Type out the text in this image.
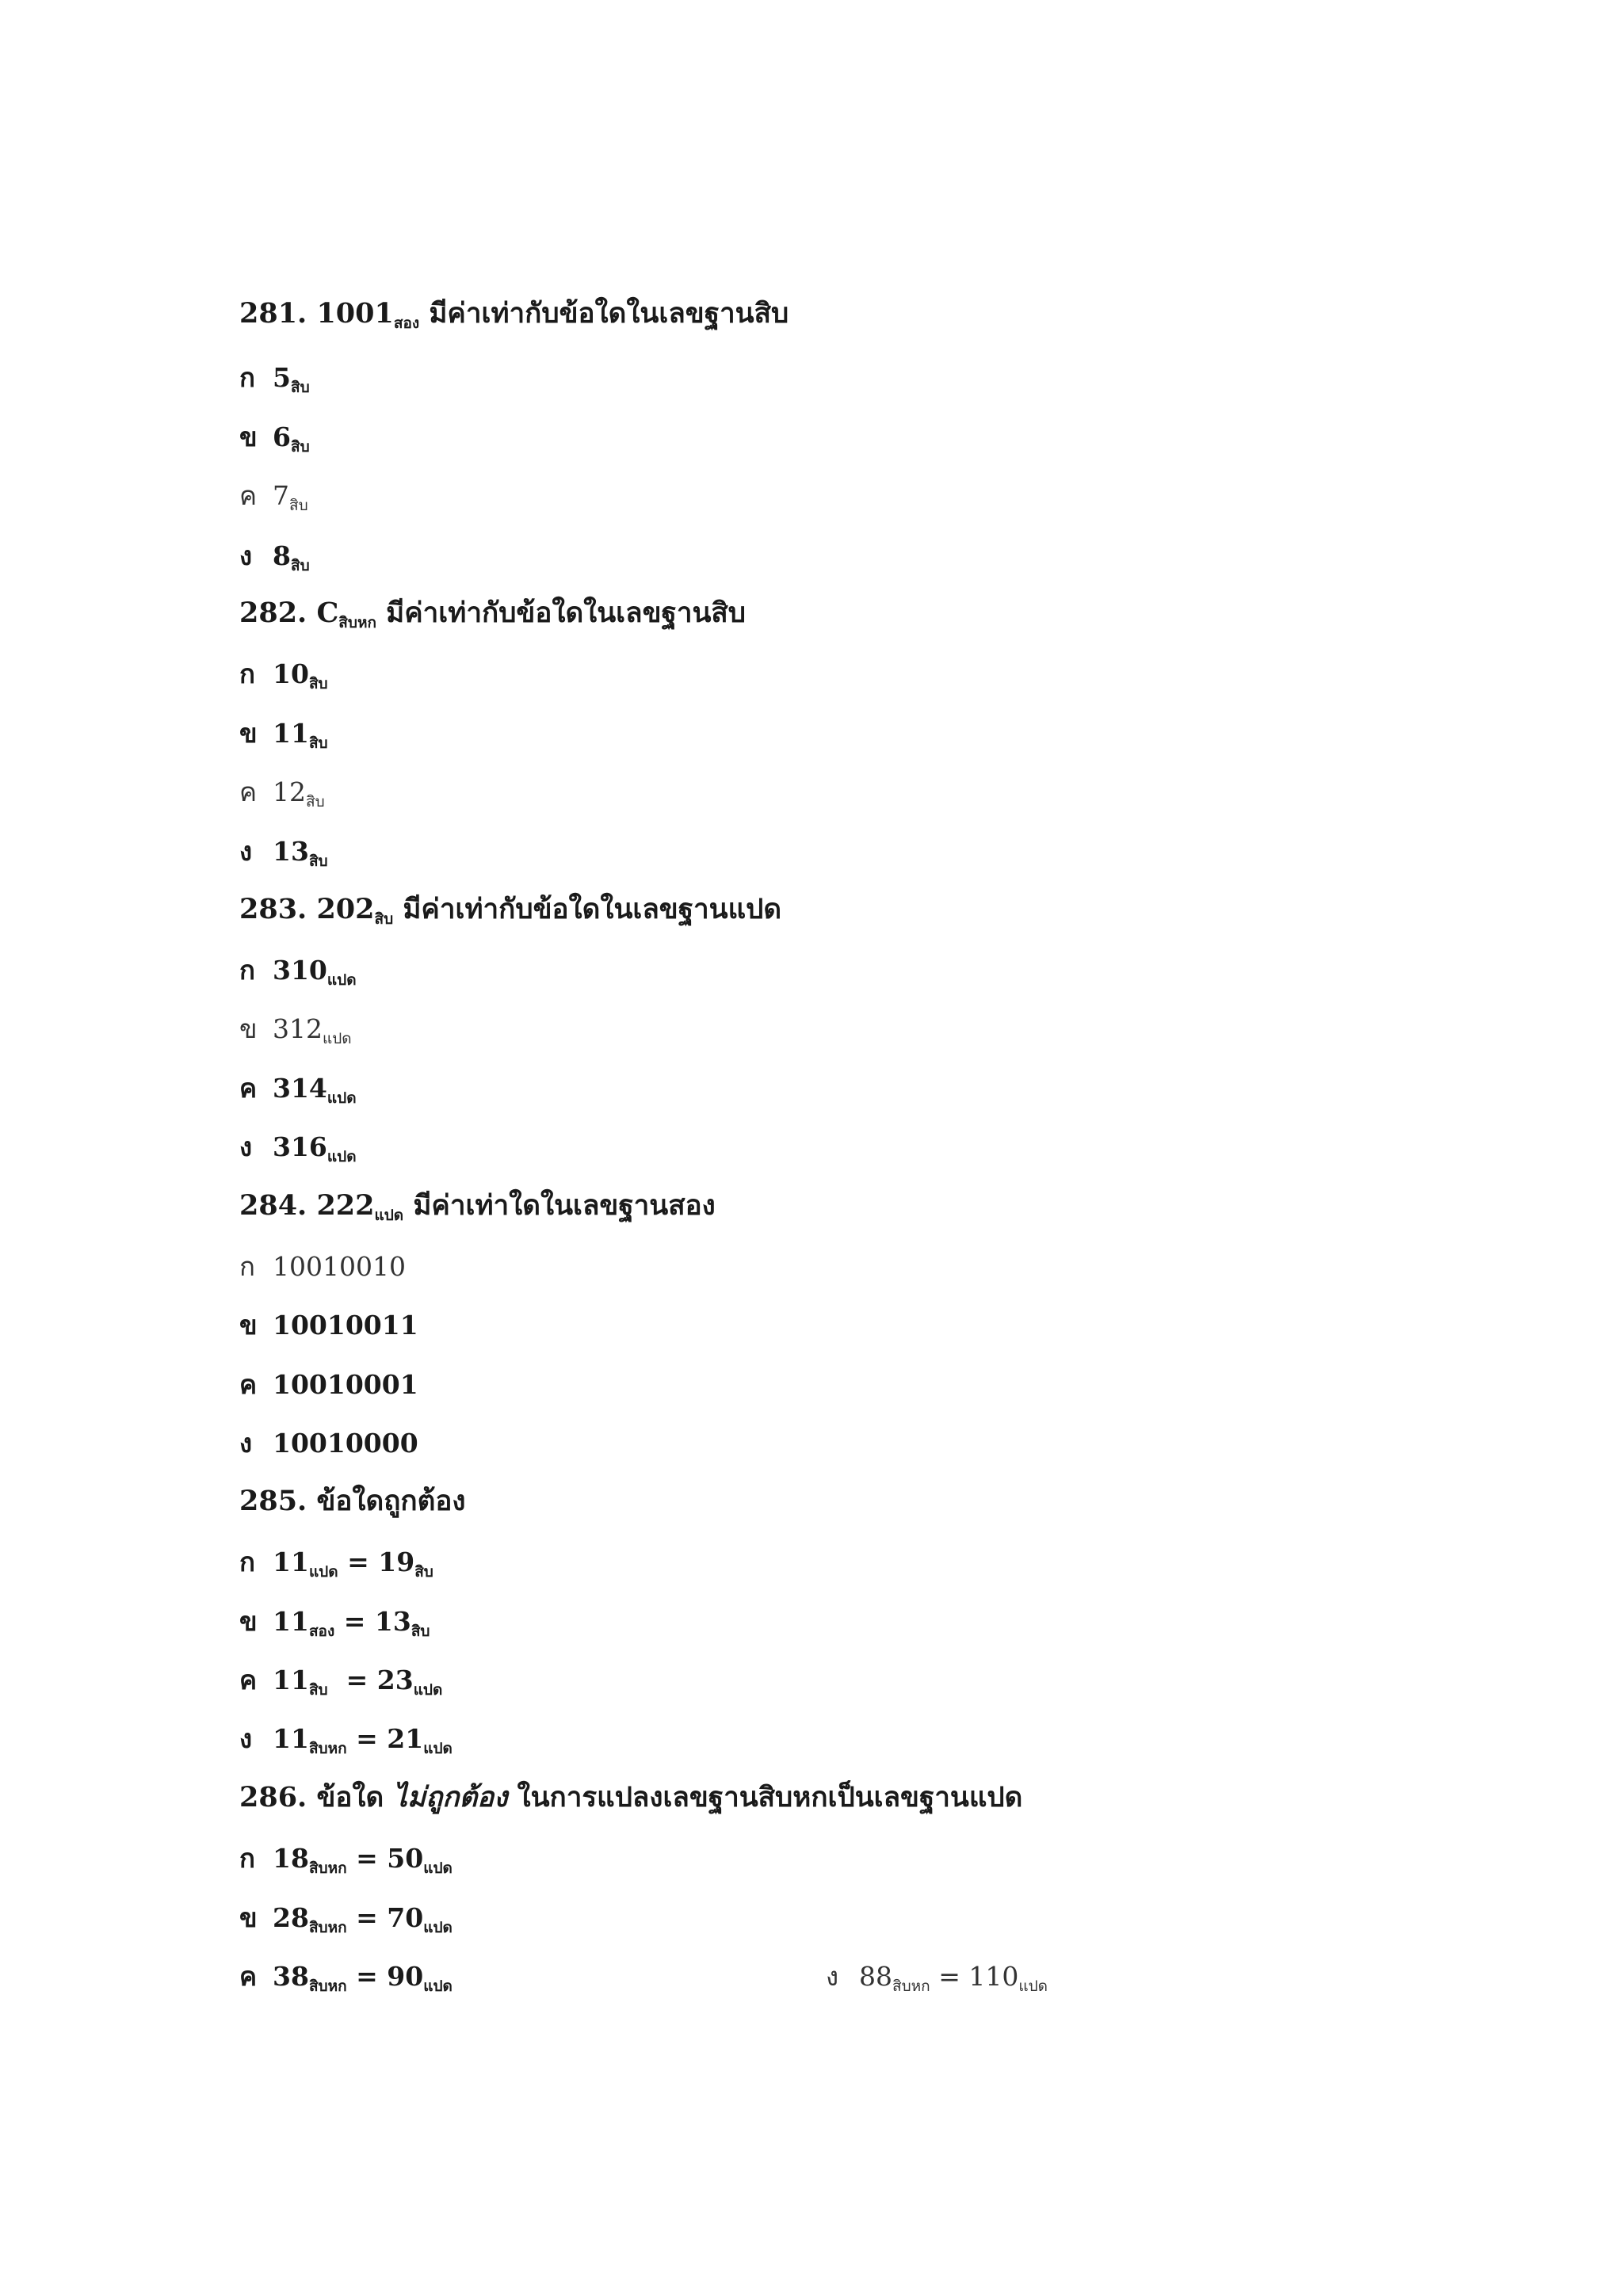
281. $1001_{สอง}$ มีค่าเท่ากับข้อใดในเลขฐานสิบ
ก $5_{สิบ}$
ข $6_{สิบ}$
ค $7_{สิบ}$
ง $8_{สิบ}$
282. $C_{สิบหก}$ มีค่าเท่ากับข้อใดในเลขฐานสิบ
ก $10_{สิบ}$
ข $11_{สิบ}$
ค $12_{สิบ}$
ง $13_{สิบ}$
283. $202_{สิบ}$ มีค่าเท่ากับข้อใดในเลขฐานแปด
ก $310_{แปด}$
ข $312_{แปด}$
ค $314_{แปด}$
ง $316_{แปด}$
284. $222_{แปด}$ มีค่าเท่าใดในเลขฐานสอง
ก 10010010
ข 10010011
ค 10010001
ง 10010000
285. ข้อใดถูกต้อง
ก $11_{แปด} = 19_{สิบ}$
ข $11_{สอง} = 13_{สิบ}$
ค $11_{สิบ} = 23_{แปด}$
ง $11_{สิบหก} = 21_{แปด}$
286. ข้อใด ไม่ถูกต้อง ในการแปลงเลขฐานสิบหกเป็นเลขฐานแปด
ก $18_{สิบหก} = 50_{แปด}$
ข $28_{สิบหก} = 70_{แปด}$
ค $38_{สิบหก} = 90_{แปด}$	ง $88_{สิบหก} = 110_{แปด}$
